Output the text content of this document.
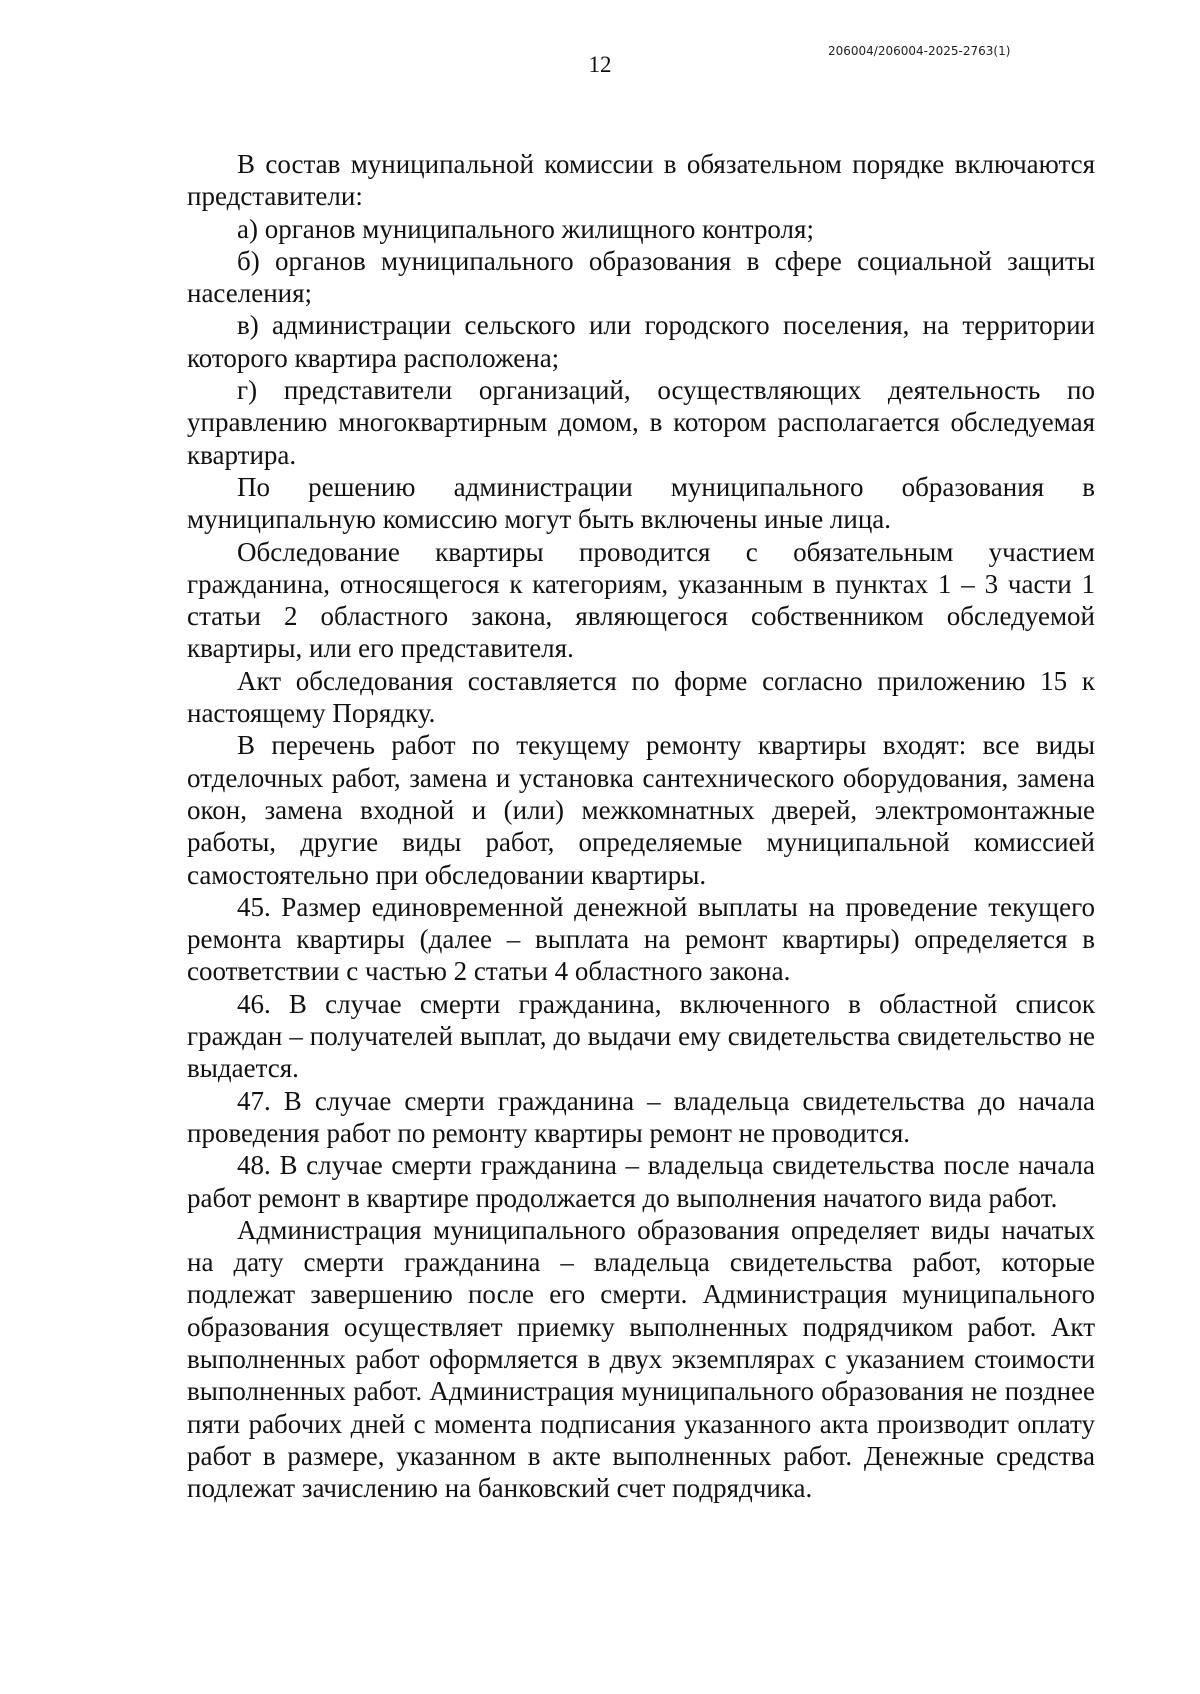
12
206004/206004-2025-2763(1)

В состав муниципальной комиссии в обязательном порядке включаются представители:

а) органов муниципального жилищного контроля;

б) органов муниципального образования в сфере социальной защиты населения;

в) администрации сельского или городского поселения, на территории которого квартира расположена;

г) представители организаций, осуществляющих деятельность по управлению многоквартирным домом, в котором располагается обследуемая квартира.

По решению администрации муниципального образования в муниципальную комиссию могут быть включены иные лица.

Обследование квартиры проводится с обязательным участием гражданина, относящегося к категориям, указанным в пунктах 1 – 3 части 1 статьи 2 областного закона, являющегося собственником обследуемой квартиры, или его представителя.

Акт обследования составляется по форме согласно приложению 15 к настоящему Порядку.

В перечень работ по текущему ремонту квартиры входят: все виды отделочных работ, замена и установка сантехнического оборудования, замена окон, замена входной и (или) межкомнатных дверей, электромонтажные работы, другие виды работ, определяемые муниципальной комиссией самостоятельно при обследовании квартиры.

45. Размер единовременной денежной выплаты на проведение текущего ремонта квартиры (далее – выплата на ремонт квартиры) определяется в соответствии с частью 2 статьи 4 областного закона.

46. В случае смерти гражданина, включенного в областной список граждан – получателей выплат, до выдачи ему свидетельства свидетельство не выдается.

47. В случае смерти гражданина – владельца свидетельства до начала проведения работ по ремонту квартиры ремонт не проводится.

48. В случае смерти гражданина – владельца свидетельства после начала работ ремонт в квартире продолжается до выполнения начатого вида работ.

Администрация муниципального образования определяет виды начатых на дату смерти гражданина – владельца свидетельства работ, которые подлежат завершению после его смерти. Администрация муниципального образования осуществляет приемку выполненных подрядчиком работ. Акт выполненных работ оформляется в двух экземплярах с указанием стоимости выполненных работ. Администрация муниципального образования не позднее пяти рабочих дней с момента подписания указанного акта производит оплату работ в размере, указанном в акте выполненных работ. Денежные средства подлежат зачислению на банковский счет подрядчика.
